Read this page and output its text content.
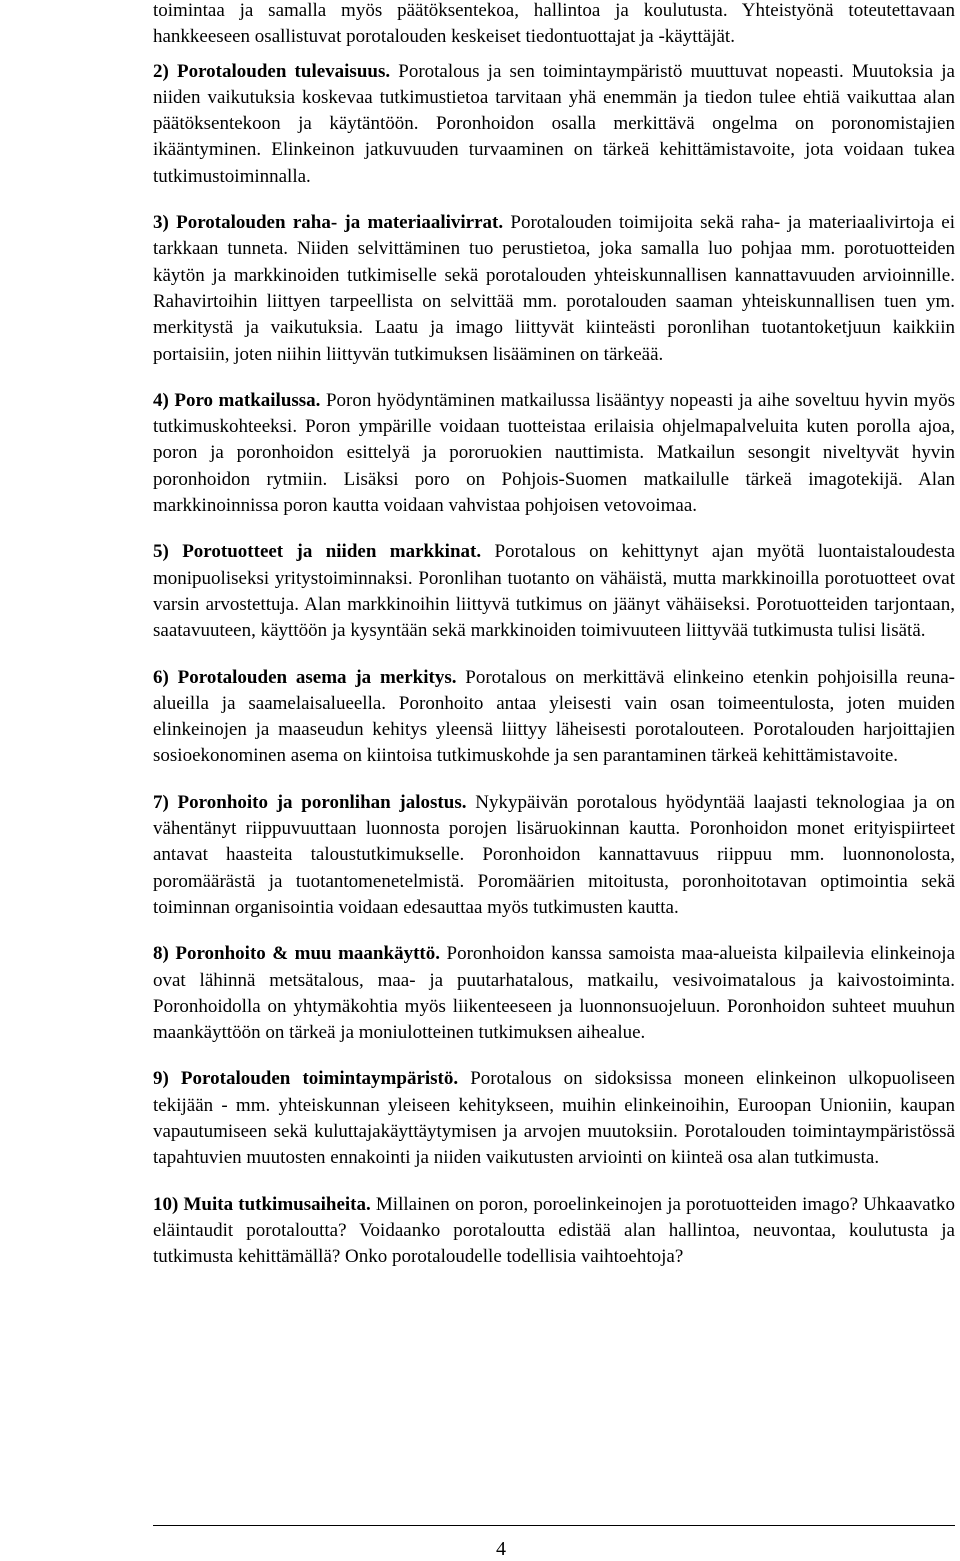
toimintaa ja samalla myös päätöksentekoa, hallintoa ja koulutusta. Yhteistyönä toteutettavaan hankkeeseen osallistuvat porotalouden keskeiset tiedontuottajat ja -käyttäjät.

2) Porotalouden tulevaisuus. Porotalous ja sen toimintaympäristö muuttuvat nopeasti. Muutoksia ja niiden vaikutuksia koskevaa tutkimustietoa tarvitaan yhä enemmän ja tiedon tulee ehtiä vaikuttaa alan päätöksentekoon ja käytäntöön. Poronhoidon osalla merkittävä ongelma on poronomistajien ikääntyminen. Elinkeinon jatkuvuuden turvaaminen on tärkeä kehittämistavoite, jota voidaan tukea tutkimustoiminnalla.

3) Porotalouden raha- ja materiaalivirrat. Porotalouden toimijoita sekä raha- ja materiaalivirtoja ei tarkkaan tunneta. Niiden selvittäminen tuo perustietoa, joka samalla luo pohjaa mm. porotuotteiden käytön ja markkinoiden tutkimiselle sekä porotalouden yhteiskunnallisen kannattavuuden arvioinnille. Rahavirtoihin liittyen tarpeellista on selvittää mm. porotalouden saaman yhteiskunnallisen tuen ym. merkitystä ja vaikutuksia. Laatu ja imago liittyvät kiinteästi poronlihan tuotantoketjuun kaikkiin portaisiin, joten niihin liittyvän tutkimuksen lisääminen on tärkeää.

4) Poro matkailussa. Poron hyödyntäminen matkailussa lisääntyy nopeasti ja aihe soveltuu hyvin myös tutkimuskohteeksi. Poron ympärille voidaan tuotteistaa erilaisia ohjelmapalveluita kuten porolla ajoa, poron ja poronhoidon esittelyä ja pororuokien nauttimista. Matkailun sesongit niveltyvät hyvin poronhoidon rytmiin. Lisäksi poro on Pohjois-Suomen matkailulle tärkeä imagotekijä. Alan markkinoinnissa poron kautta voidaan vahvistaa pohjoisen vetovoimaa.

5) Porotuotteet ja niiden markkinat. Porotalous on kehittynyt ajan myötä luontaistaloudesta monipuoliseksi yritystoiminnaksi. Poronlihan tuotanto on vähäistä, mutta markkinoilla porotuotteet ovat varsin arvostettuja. Alan markkinoihin liittyvä tutkimus on jäänyt vähäiseksi. Porotuotteiden tarjontaan, saatavuuteen, käyttöön ja kysyntään sekä markkinoiden toimivuuteen liittyvää tutkimusta tulisi lisätä.

6) Porotalouden asema ja merkitys. Porotalous on merkittävä elinkeino etenkin pohjoisilla reuna-alueilla ja saamelaisalueella. Poronhoito antaa yleisesti vain osan toimeentulosta, joten muiden elinkeinojen ja maaseudun kehitys yleensä liittyy läheisesti porotalouteen. Porotalouden harjoittajien sosioekonominen asema on kiintoisa tutkimuskohde ja sen parantaminen tärkeä kehittämistavoite.

7) Poronhoito ja poronlihan jalostus. Nykypäivän porotalous hyödyntää laajasti teknologiaa ja on vähentänyt riippuvuuttaan luonnosta porojen lisäruokinnan kautta. Poronhoidon monet erityispiirteet antavat haasteita taloustutkimukselle. Poronhoidon kannattavuus riippuu mm. luonnonolosta, poromäärästä ja tuotantomenetelmistä. Poromäärien mitoitusta, poronhoitotavan optimointia sekä toiminnan organisointia voidaan edesauttaa myös tutkimusten kautta.

8) Poronhoito & muu maankäyttö. Poronhoidon kanssa samoista maa-alueista kilpailevia elinkeinoja ovat lähinnä metsätalous, maa- ja puutarhatalous, matkailu, vesivoimatalous ja kaivostoiminta. Poronhoidolla on yhtymäkohtia myös liikenteeseen ja luonnonsuojeluun. Poronhoidon suhteet muuhun maankäyttöön on tärkeä ja moniulotteinen tutkimuksen aihealue.

9) Porotalouden toimintaympäristö. Porotalous on sidoksissa moneen elinkeinon ulkopuoliseen tekijään - mm. yhteiskunnan yleiseen kehitykseen, muihin elinkeinoihin, Euroopan Unioniin, kaupan vapautumiseen sekä kuluttajakäyttäytymisen ja arvojen muutoksiin. Porotalouden toimintaympäristössä tapahtuvien muutosten ennakointi ja niiden vaikutusten arviointi on kiinteä osa alan tutkimusta.

10) Muita tutkimusaiheita. Millainen on poron, poroelinkeinojen ja porotuotteiden imago? Uhkaavatko eläintaudit porotaloutta? Voidaanko porotaloutta edistää alan hallintoa, neuvontaa, koulutusta ja tutkimusta kehittämällä? Onko porotaloudelle todellisia vaihtoehtoja?

4
